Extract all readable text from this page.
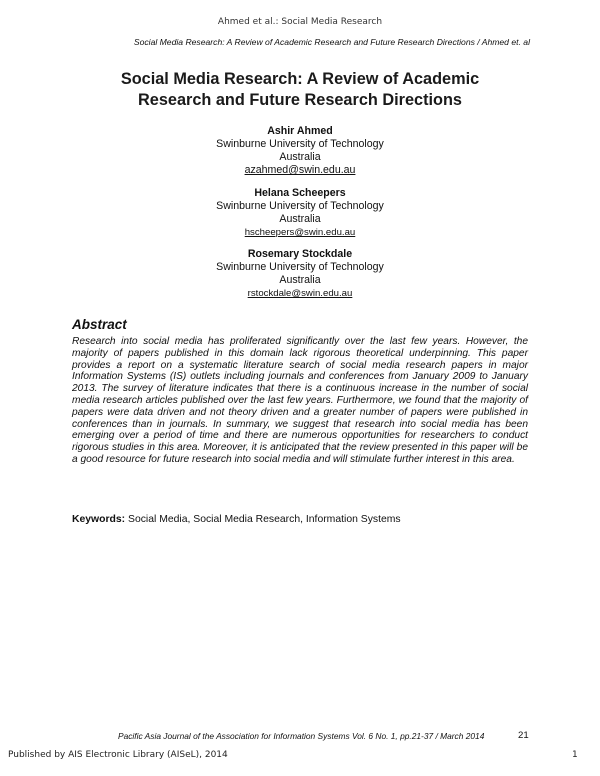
Ahmed et al.: Social Media Research
Social Media Research: A Review of Academic Research and Future Research Directions / Ahmed et. al
Social Media Research: A Review of Academic
Research and Future Research Directions
Ashir Ahmed
Swinburne University of Technology
Australia
azahmed@swin.edu.au
Helana Scheepers
Swinburne University of Technology
Australia
hscheepers@swin.edu.au
Rosemary Stockdale
Swinburne University of Technology
Australia
rstockdale@swin.edu.au
Abstract
Research into social media has proliferated significantly over the last few years. However, the majority of papers published in this domain lack rigorous theoretical underpinning. This paper provides a report on a systematic literature search of social media research papers in major Information Systems (IS) outlets including journals and conferences from January 2009 to January 2013. The survey of literature indicates that there is a continuous increase in the number of social media research articles published over the last few years. Furthermore, we found that the majority of papers were data driven and not theory driven and a greater number of papers were published in conferences than in journals. In summary, we suggest that research into social media has been emerging over a period of time and there are numerous opportunities for researchers to conduct rigorous studies in this area. Moreover, it is anticipated that the review presented in this paper will be a good resource for future research into social media and will stimulate further interest in this area.
Keywords: Social Media, Social Media Research, Information Systems
Pacific Asia Journal of the Association for Information Systems Vol. 6 No. 1, pp.21-37 / March 2014	21
Published by AIS Electronic Library (AISeL), 2014	1
